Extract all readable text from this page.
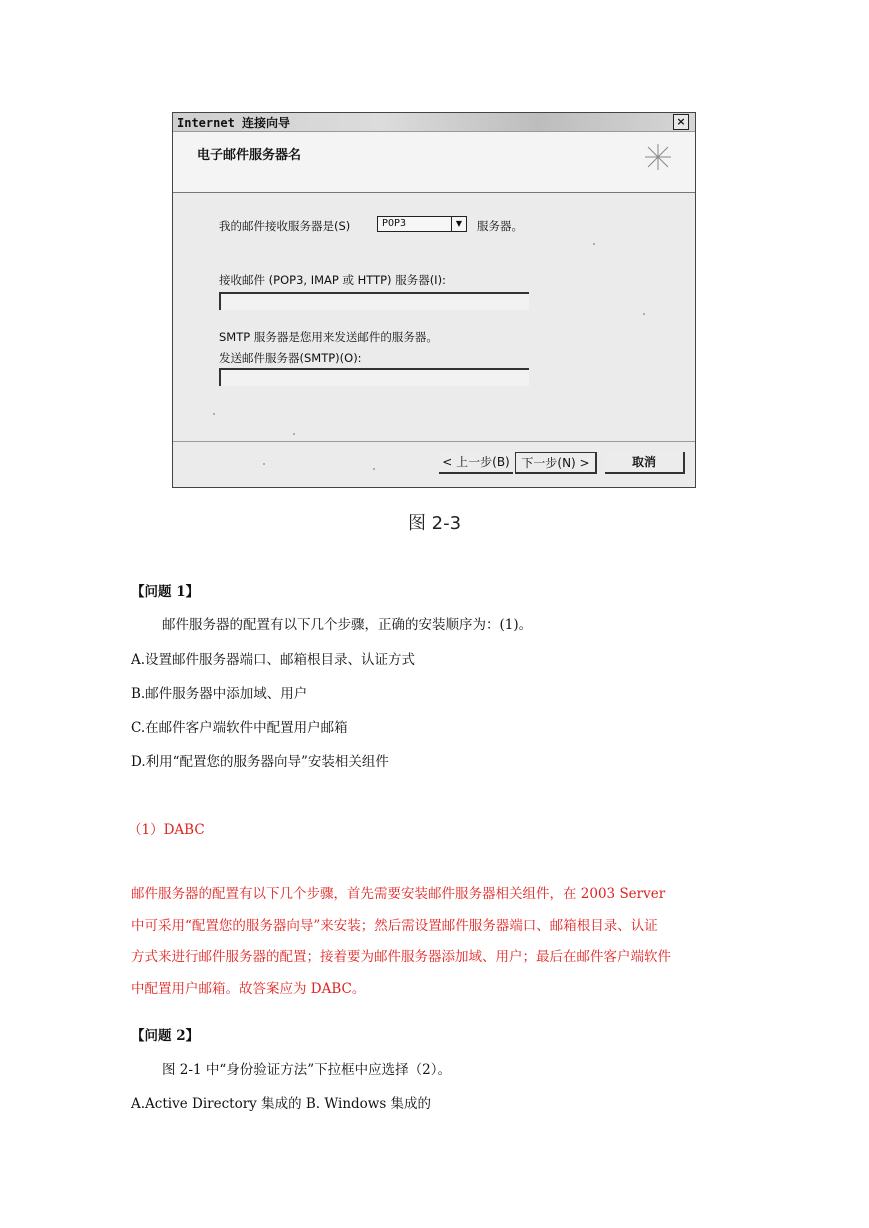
Internet 连接向导	×
电子邮件服务器名
我的邮件接收服务器是(S)	POP3	▼	服务器。
接收邮件 (POP3, IMAP 或 HTTP) 服务器(I):
SMTP 服务器是您用来发送邮件的服务器。
发送邮件服务器(SMTP)(O):
< 上一步(B) 下一步(N) >	取消
图 2-3
【问题 1】
邮件服务器的配置有以下几个步骤，正确的安装顺序为：(1)。
A.设置邮件服务器端口、邮箱根目录、认证方式
B.邮件服务器中添加域、用户
C.在邮件客户端软件中配置用户邮箱
D.利用“配置您的服务器向导”安装相关组件
（1）DABC
邮件服务器的配置有以下几个步骤，首先需要安装邮件服务器相关组件，在 2003 Server
中可采用“配置您的服务器向导”来安装；然后需设置邮件服务器端口、邮箱根目录、认证
方式来进行邮件服务器的配置；接着要为邮件服务器添加域、用户；最后在邮件客户端软件
中配置用户邮箱。故答案应为 DABC。
【问题 2】
图 2-1 中“身份验证方法”下拉框中应选择（2）。
A.Active Directory 集成的 B. Windows 集成的
